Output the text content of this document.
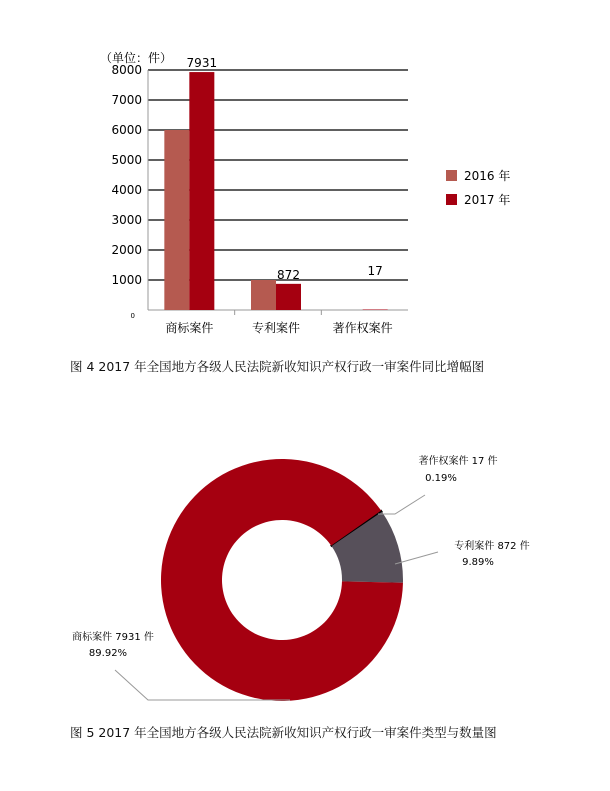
（单位：件）
0
1000
2000
3000
4000
5000
6000
7000
8000
商标案件	专利案件	著作权案件
7931
872	17
2016 年
2017 年
图 4 2017 年全国地方各级人民法院新收知识产权行政一审案件同比增幅图
著作权案件 17 件
0.19%
专利案件 872 件
9.89%
商标案件 7931 件
89.92%
图 5 2017 年全国地方各级人民法院新收知识产权行政一审案件类型与数量图
